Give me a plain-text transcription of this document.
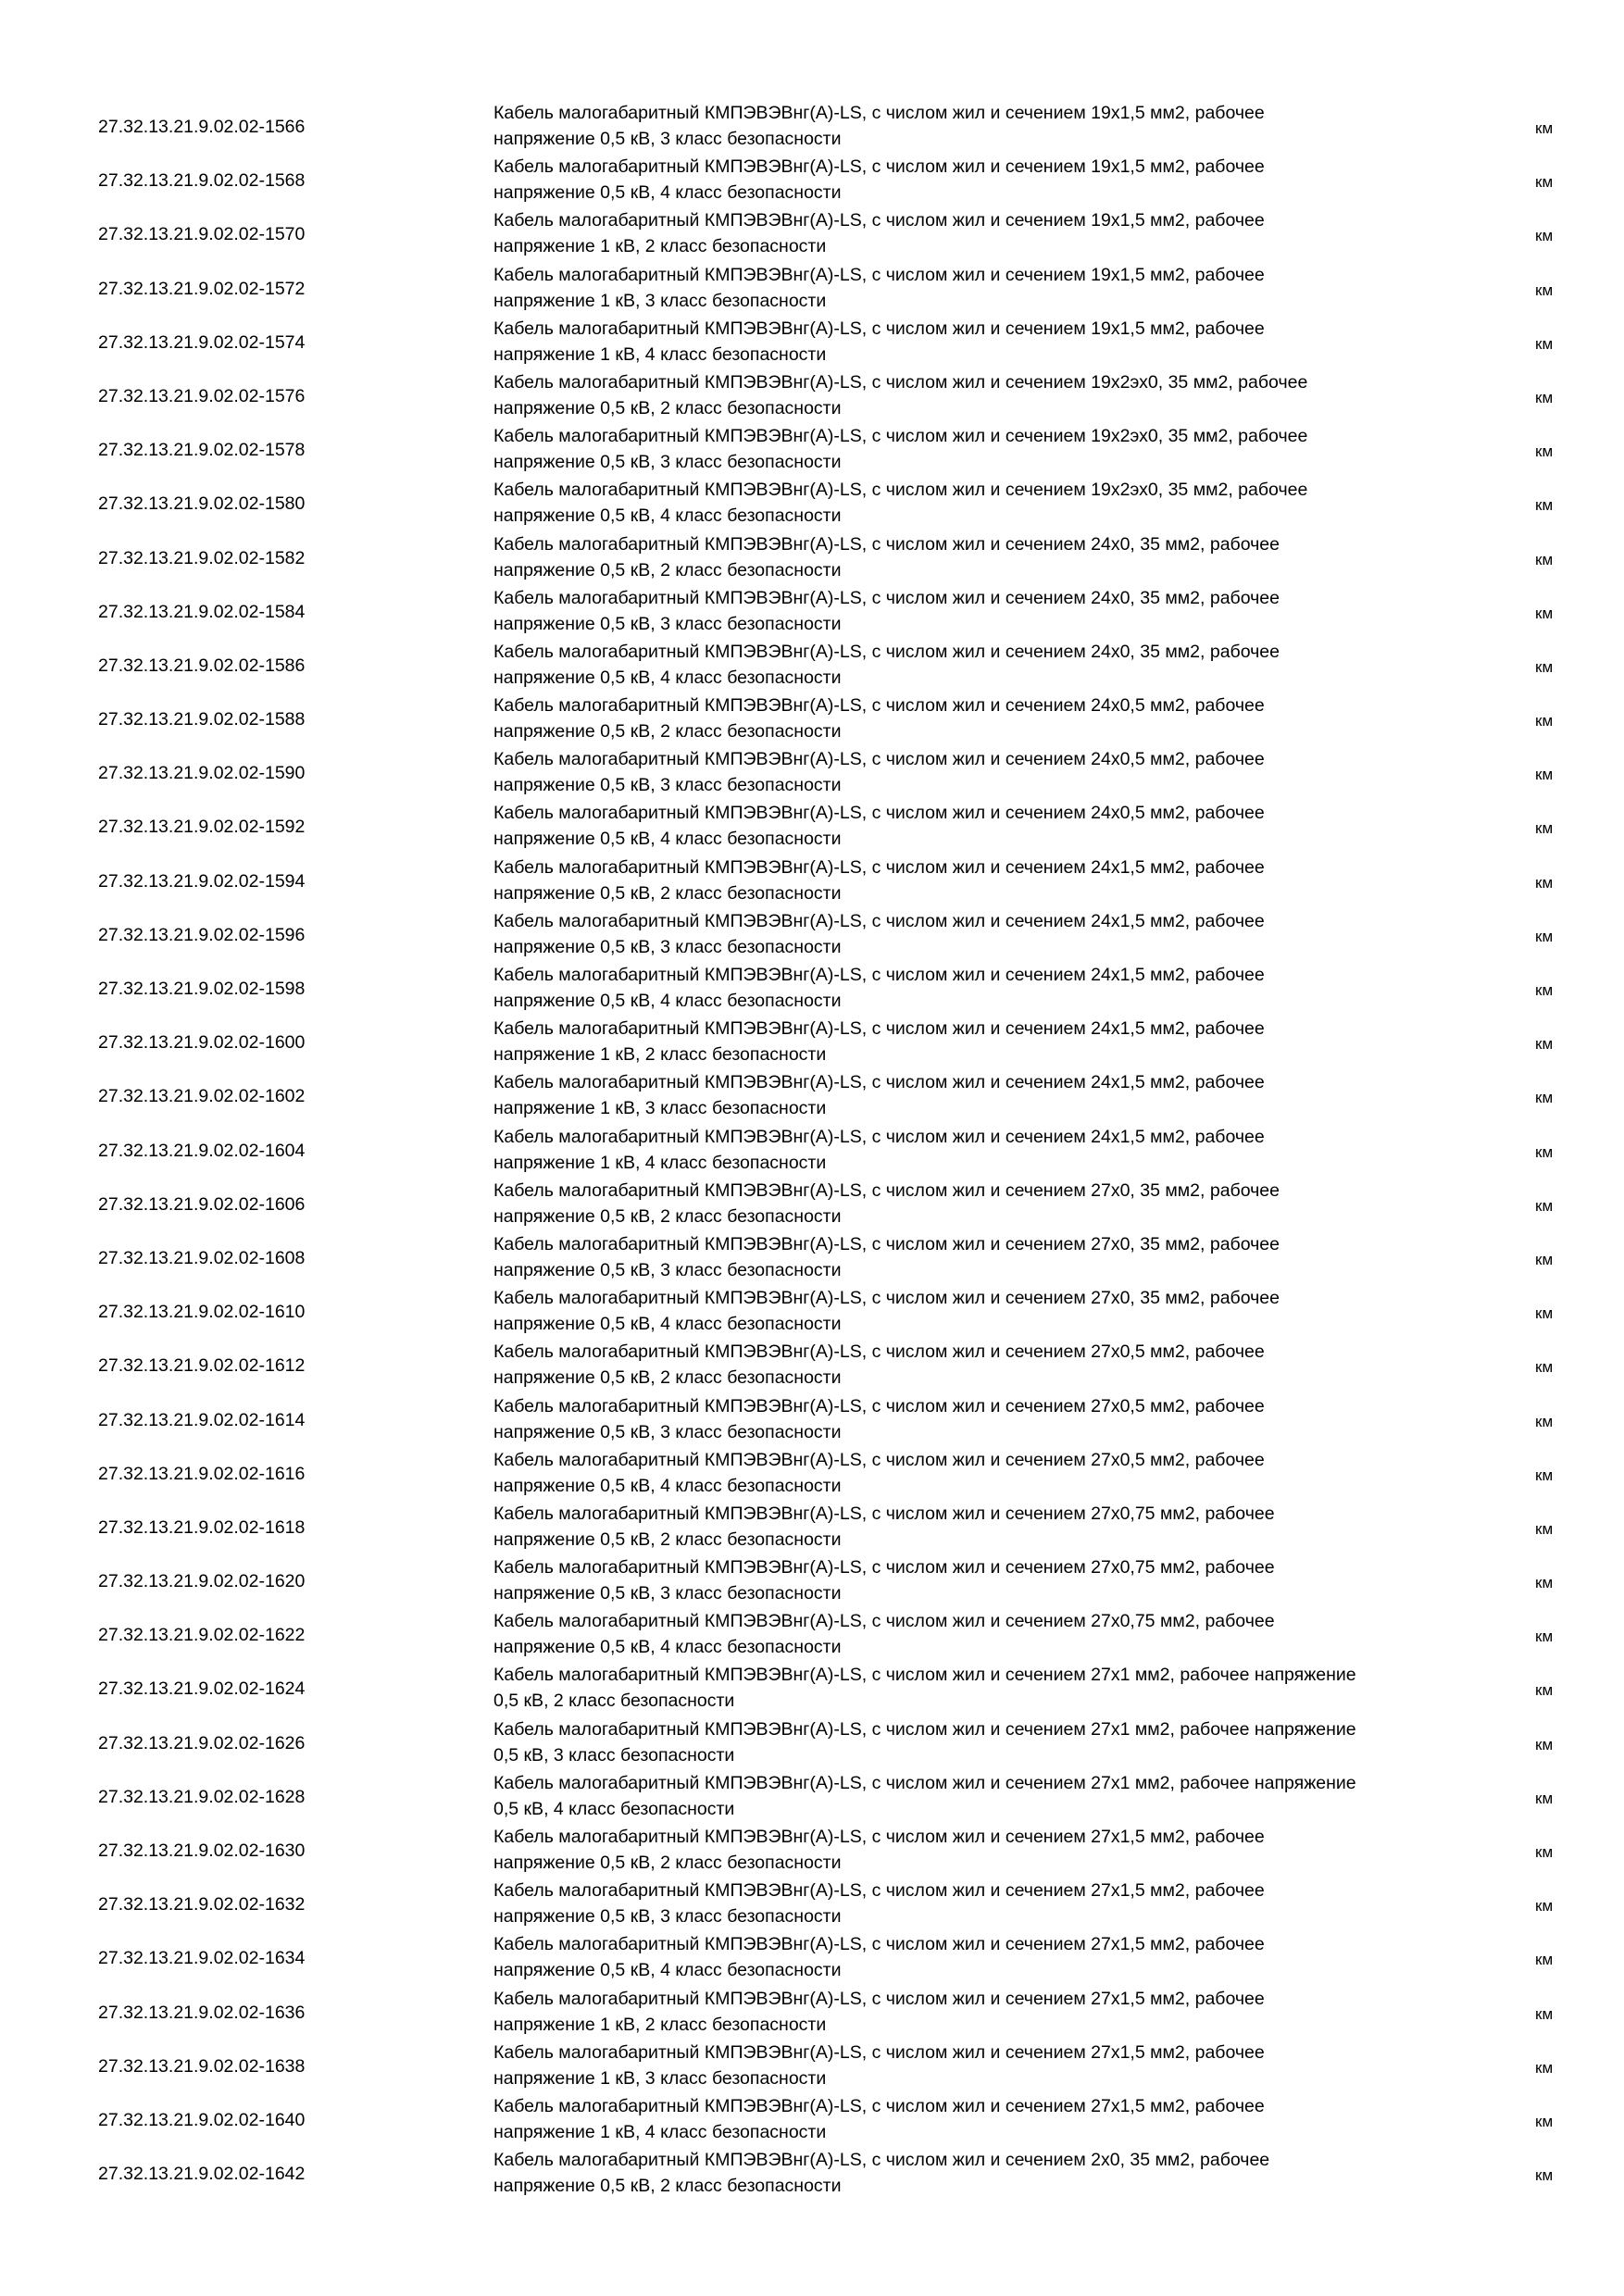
27.32.13.21.9.02.02-1566
Кабель малогабаритный КМПЭВЭВнг(А)-LS, с числом жил и сечением 19х1,5 мм2, рабочее
напряжение 0,5 кВ, 3 класс безопасности
км
27.32.13.21.9.02.02-1568
Кабель малогабаритный КМПЭВЭВнг(А)-LS, с числом жил и сечением 19х1,5 мм2, рабочее
напряжение 0,5 кВ, 4 класс безопасности
км
27.32.13.21.9.02.02-1570
Кабель малогабаритный КМПЭВЭВнг(А)-LS, с числом жил и сечением 19х1,5 мм2, рабочее
напряжение 1 кВ, 2 класс безопасности
км
27.32.13.21.9.02.02-1572
Кабель малогабаритный КМПЭВЭВнг(А)-LS, с числом жил и сечением 19х1,5 мм2, рабочее
напряжение 1 кВ, 3 класс безопасности
км
27.32.13.21.9.02.02-1574
Кабель малогабаритный КМПЭВЭВнг(А)-LS, с числом жил и сечением 19х1,5 мм2, рабочее
напряжение 1 кВ, 4 класс безопасности
км
27.32.13.21.9.02.02-1576
Кабель малогабаритный КМПЭВЭВнг(А)-LS, с числом жил и сечением 19х2эх0, 35 мм2, рабочее
напряжение 0,5 кВ, 2 класс безопасности
км
27.32.13.21.9.02.02-1578
Кабель малогабаритный КМПЭВЭВнг(А)-LS, с числом жил и сечением 19х2эх0, 35 мм2, рабочее
напряжение 0,5 кВ, 3 класс безопасности
км
27.32.13.21.9.02.02-1580
Кабель малогабаритный КМПЭВЭВнг(А)-LS, с числом жил и сечением 19х2эх0, 35 мм2, рабочее
напряжение 0,5 кВ, 4 класс безопасности
км
27.32.13.21.9.02.02-1582
Кабель малогабаритный КМПЭВЭВнг(А)-LS, с числом жил и сечением 24х0, 35 мм2, рабочее
напряжение 0,5 кВ, 2 класс безопасности
км
27.32.13.21.9.02.02-1584
Кабель малогабаритный КМПЭВЭВнг(А)-LS, с числом жил и сечением 24х0, 35 мм2, рабочее
напряжение 0,5 кВ, 3 класс безопасности
км
27.32.13.21.9.02.02-1586
Кабель малогабаритный КМПЭВЭВнг(А)-LS, с числом жил и сечением 24х0, 35 мм2, рабочее
напряжение 0,5 кВ, 4 класс безопасности
км
27.32.13.21.9.02.02-1588
Кабель малогабаритный КМПЭВЭВнг(А)-LS, с числом жил и сечением 24х0,5 мм2, рабочее
напряжение 0,5 кВ, 2 класс безопасности
км
27.32.13.21.9.02.02-1590
Кабель малогабаритный КМПЭВЭВнг(А)-LS, с числом жил и сечением 24х0,5 мм2, рабочее
напряжение 0,5 кВ, 3 класс безопасности
км
27.32.13.21.9.02.02-1592
Кабель малогабаритный КМПЭВЭВнг(А)-LS, с числом жил и сечением 24х0,5 мм2, рабочее
напряжение 0,5 кВ, 4 класс безопасности
км
27.32.13.21.9.02.02-1594
Кабель малогабаритный КМПЭВЭВнг(А)-LS, с числом жил и сечением 24х1,5 мм2, рабочее
напряжение 0,5 кВ, 2 класс безопасности
км
27.32.13.21.9.02.02-1596
Кабель малогабаритный КМПЭВЭВнг(А)-LS, с числом жил и сечением 24х1,5 мм2, рабочее
напряжение 0,5 кВ, 3 класс безопасности
км
27.32.13.21.9.02.02-1598
Кабель малогабаритный КМПЭВЭВнг(А)-LS, с числом жил и сечением 24х1,5 мм2, рабочее
напряжение 0,5 кВ, 4 класс безопасности
км
27.32.13.21.9.02.02-1600
Кабель малогабаритный КМПЭВЭВнг(А)-LS, с числом жил и сечением 24х1,5 мм2, рабочее
напряжение 1 кВ, 2 класс безопасности
км
27.32.13.21.9.02.02-1602
Кабель малогабаритный КМПЭВЭВнг(А)-LS, с числом жил и сечением 24х1,5 мм2, рабочее
напряжение 1 кВ, 3 класс безопасности
км
27.32.13.21.9.02.02-1604
Кабель малогабаритный КМПЭВЭВнг(А)-LS, с числом жил и сечением 24х1,5 мм2, рабочее
напряжение 1 кВ, 4 класс безопасности
км
27.32.13.21.9.02.02-1606
Кабель малогабаритный КМПЭВЭВнг(А)-LS, с числом жил и сечением 27х0, 35 мм2, рабочее
напряжение 0,5 кВ, 2 класс безопасности
км
27.32.13.21.9.02.02-1608
Кабель малогабаритный КМПЭВЭВнг(А)-LS, с числом жил и сечением 27х0, 35 мм2, рабочее
напряжение 0,5 кВ, 3 класс безопасности
км
27.32.13.21.9.02.02-1610
Кабель малогабаритный КМПЭВЭВнг(А)-LS, с числом жил и сечением 27х0, 35 мм2, рабочее
напряжение 0,5 кВ, 4 класс безопасности
км
27.32.13.21.9.02.02-1612
Кабель малогабаритный КМПЭВЭВнг(А)-LS, с числом жил и сечением 27х0,5 мм2, рабочее
напряжение 0,5 кВ, 2 класс безопасности
км
27.32.13.21.9.02.02-1614
Кабель малогабаритный КМПЭВЭВнг(А)-LS, с числом жил и сечением 27х0,5 мм2, рабочее
напряжение 0,5 кВ, 3 класс безопасности
км
27.32.13.21.9.02.02-1616
Кабель малогабаритный КМПЭВЭВнг(А)-LS, с числом жил и сечением 27х0,5 мм2, рабочее
напряжение 0,5 кВ, 4 класс безопасности
км
27.32.13.21.9.02.02-1618
Кабель малогабаритный КМПЭВЭВнг(А)-LS, с числом жил и сечением 27х0,75 мм2, рабочее
напряжение 0,5 кВ, 2 класс безопасности
км
27.32.13.21.9.02.02-1620
Кабель малогабаритный КМПЭВЭВнг(А)-LS, с числом жил и сечением 27х0,75 мм2, рабочее
напряжение 0,5 кВ, 3 класс безопасности
км
27.32.13.21.9.02.02-1622
Кабель малогабаритный КМПЭВЭВнг(А)-LS, с числом жил и сечением 27х0,75 мм2, рабочее
напряжение 0,5 кВ, 4 класс безопасности
км
27.32.13.21.9.02.02-1624
Кабель малогабаритный КМПЭВЭВнг(А)-LS, с числом жил и сечением 27х1 мм2, рабочее напряжение
0,5 кВ, 2 класс безопасности
км
27.32.13.21.9.02.02-1626
Кабель малогабаритный КМПЭВЭВнг(А)-LS, с числом жил и сечением 27х1 мм2, рабочее напряжение
0,5 кВ, 3 класс безопасности
км
27.32.13.21.9.02.02-1628
Кабель малогабаритный КМПЭВЭВнг(А)-LS, с числом жил и сечением 27х1 мм2, рабочее напряжение
0,5 кВ, 4 класс безопасности
км
27.32.13.21.9.02.02-1630
Кабель малогабаритный КМПЭВЭВнг(А)-LS, с числом жил и сечением 27х1,5 мм2, рабочее
напряжение 0,5 кВ, 2 класс безопасности
км
27.32.13.21.9.02.02-1632
Кабель малогабаритный КМПЭВЭВнг(А)-LS, с числом жил и сечением 27х1,5 мм2, рабочее
напряжение 0,5 кВ, 3 класс безопасности
км
27.32.13.21.9.02.02-1634
Кабель малогабаритный КМПЭВЭВнг(А)-LS, с числом жил и сечением 27х1,5 мм2, рабочее
напряжение 0,5 кВ, 4 класс безопасности
км
27.32.13.21.9.02.02-1636
Кабель малогабаритный КМПЭВЭВнг(А)-LS, с числом жил и сечением 27х1,5 мм2, рабочее
напряжение 1 кВ, 2 класс безопасности
км
27.32.13.21.9.02.02-1638
Кабель малогабаритный КМПЭВЭВнг(А)-LS, с числом жил и сечением 27х1,5 мм2, рабочее
напряжение 1 кВ, 3 класс безопасности
км
27.32.13.21.9.02.02-1640
Кабель малогабаритный КМПЭВЭВнг(А)-LS, с числом жил и сечением 27х1,5 мм2, рабочее
напряжение 1 кВ, 4 класс безопасности
км
27.32.13.21.9.02.02-1642
Кабель малогабаритный КМПЭВЭВнг(А)-LS, с числом жил и сечением 2х0, 35 мм2, рабочее
напряжение 0,5 кВ, 2 класс безопасности
км
